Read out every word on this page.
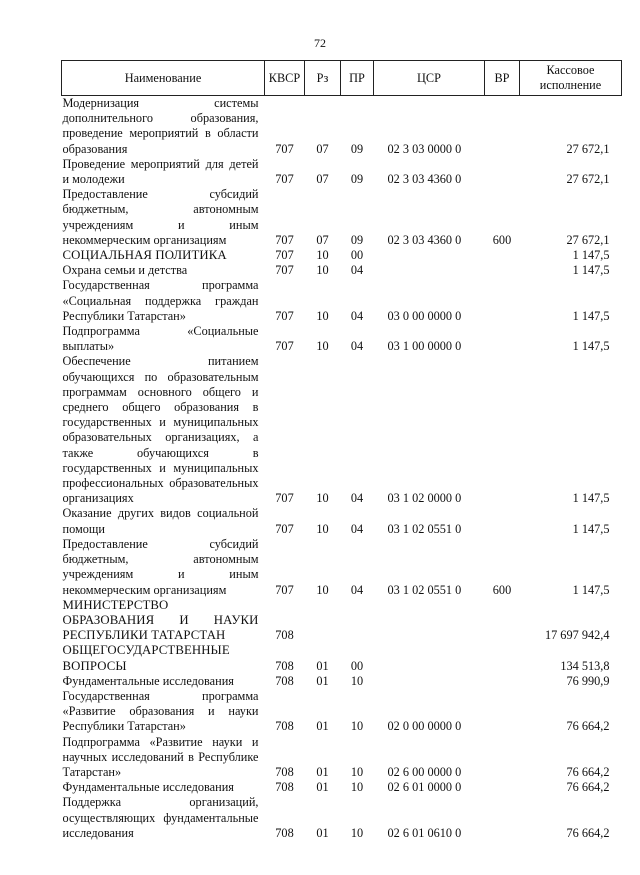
72
Наименование	КВСР	Рз	ПР	ЦСР	ВР	Кассовое
исполнение

Модернизация системы дополнительного образования, проведение мероприятий в области образования	707	07	09	02 3 03 0000 0		27 672,1

Проведение мероприятий для детей и молодежи	707	07	09	02 3 03 4360 0		27 672,1

Предоставление субсидий бюджетным, автономным учреждениям и иным некоммерческим организациям	707	07	09	02 3 03 4360 0	600	27 672,1

СОЦИАЛЬНАЯ ПОЛИТИКА	707	10	00			1 147,5

Охрана семьи и детства	707	10	04			1 147,5

Государственная программа «Социальная поддержка граждан Республики Татарстан»	707	10	04	03 0 00 0000 0		1 147,5

Подпрограмма «Социальные выплаты»	707	10	04	03 1 00 0000 0		1 147,5

Обеспечение питанием обучающихся по образовательным программам основного общего и среднего общего образования в государственных и муниципальных образовательных организациях, а также обучающихся в государственных и муниципальных профессиональных образовательных организациях	707	10	04	03 1 02 0000 0		1 147,5

Оказание других видов социальной помощи	707	10	04	03 1 02 0551 0		1 147,5

Предоставление субсидий бюджетным, автономным учреждениям и иным некоммерческим организациям	707	10	04	03 1 02 0551 0	600	1 147,5

МИНИСТЕРСТВО ОБРАЗОВАНИЯ И НАУКИ РЕСПУБЛИКИ ТАТАРСТАН	708					17 697 942,4

ОБЩЕГОСУДАРСТВЕННЫЕ ВОПРОСЫ	708	01	00			134 513,8

Фундаментальные исследования	708	01	10			76 990,9

Государственная программа «Развитие образования и науки Республики Татарстан»	708	01	10	02 0 00 0000 0		76 664,2

Подпрограмма «Развитие науки и научных исследований в Республике Татарстан»	708	01	10	02 6 00 0000 0		76 664,2

Фундаментальные исследования	708	01	10	02 6 01 0000 0		76 664,2

Поддержка организаций, осуществляющих фундаментальные исследования	708	01	10	02 6 01 0610 0		76 664,2
